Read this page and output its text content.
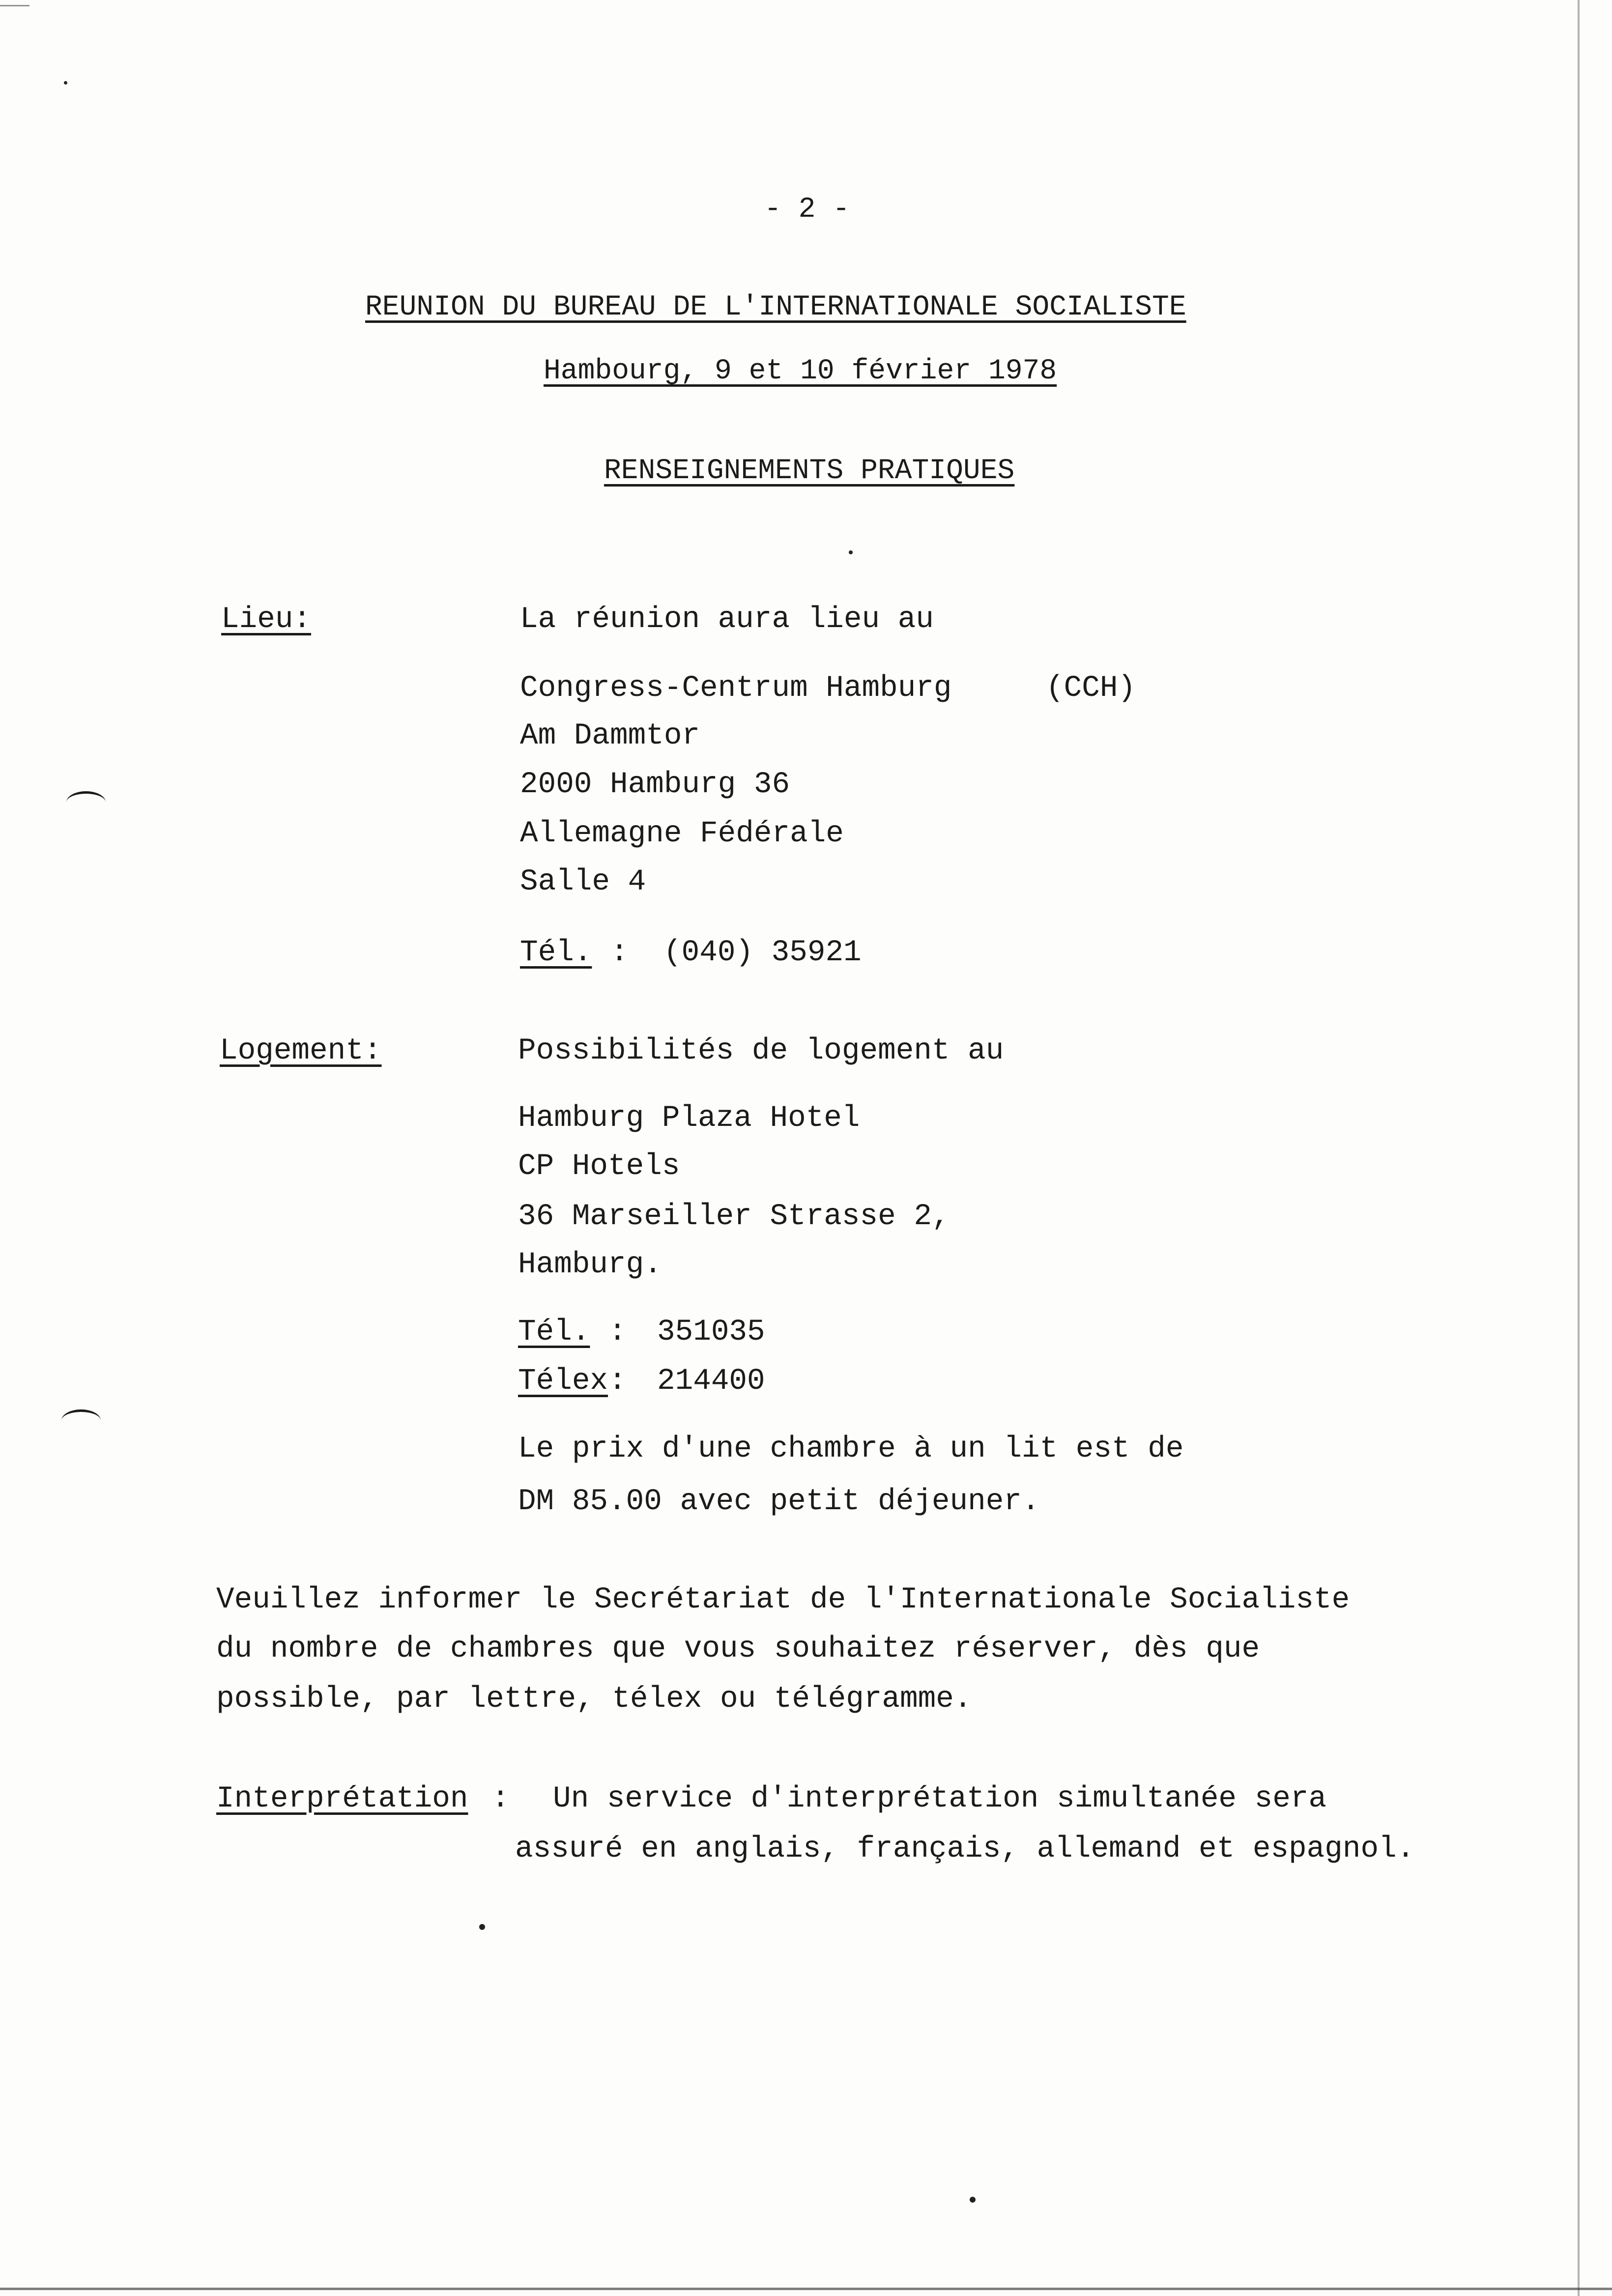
- 2 -
REUNION DU BUREAU DE L'INTERNATIONALE SOCIALISTE
Hambourg, 9 et 10 février 1978
RENSEIGNEMENTS PRATIQUES
Lieu:	La réunion aura lieu au
Congress-Centrum Hamburg	(CCH)
Am Dammtor
2000 Hamburg 36
Allemagne Fédérale
Salle 4
Tél. : (040) 35921
Logement:	Possibilités de logement au
Hamburg Plaza Hotel
CP Hotels
36 Marseiller Strasse 2,
Hamburg.
Tél. : 351035
Télex : 214400
Le prix d'une chambre à un lit est de
DM 85.00 avec petit déjeuner.
Veuillez informer le Secrétariat de l'Internationale Socialiste
du nombre de chambres que vous souhaitez réserver, dès que
possible, par lettre, télex ou télégramme.
Interprétation : Un service d'interprétation simultanée sera
assuré en anglais, français, allemand et espagnol.
